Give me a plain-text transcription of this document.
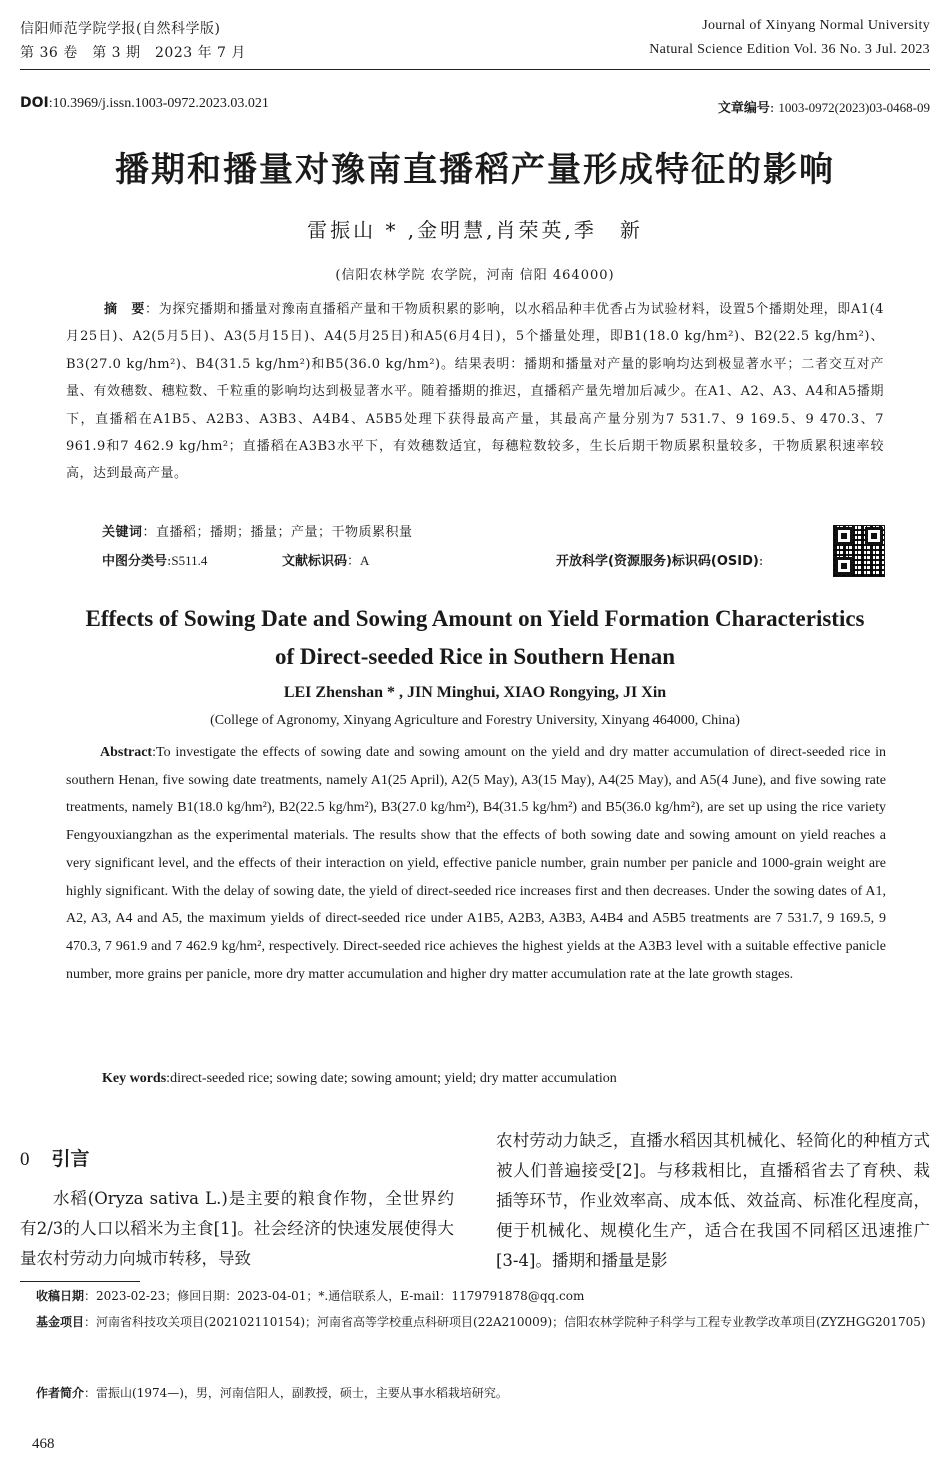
信阳师范学院学报(自然科学版)
第 36 卷　第 3 期　2023 年 7 月
Journal of Xinyang Normal University
Natural Science Edition Vol. 36 No. 3 Jul. 2023
DOI:10.3969/j.issn.1003-0972.2023.03.021	文章编号: 1003-0972(2023)03-0468-09
播期和播量对豫南直播稻产量形成特征的影响
雷振山 * ,金明慧,肖荣英,季　新
(信阳农林学院 农学院，河南 信阳 464000)
摘　要：为探究播期和播量对豫南直播稻产量和干物质积累的影响，以水稻品种丰优香占为试验材料，设置5个播期处理，即A1(4月25日)、A2(5月5日)、A3(5月15日)、A4(5月25日)和A5(6月4日)，5个播量处理，即B1(18.0 kg/hm²)、B2(22.5 kg/hm²)、B3(27.0 kg/hm²)、B4(31.5 kg/hm²)和B5(36.0 kg/hm²)。结果表明：播期和播量对产量的影响均达到极显著水平；二者交互对产量、有效穗数、穗粒数、千粒重的影响均达到极显著水平。随着播期的推迟，直播稻产量先增加后减少。在A1、A2、A3、A4和A5播期下，直播稻在A1B5、A2B3、A3B3、A4B4、A5B5处理下获得最高产量，其最高产量分别为7 531.7、9 169.5、9 470.3、7 961.9和7 462.9 kg/hm²；直播稻在A3B3水平下，有效穗数适宜，每穗粒数较多，生长后期干物质累积量较多，干物质累积速率较高，达到最高产量。
关键词：直播稻；播期；播量；产量；干物质累积量
中图分类号:S511.4	文献标识码：A	开放科学(资源服务)标识码(OSID):
Effects of Sowing Date and Sowing Amount on Yield Formation Characteristics
of Direct-seeded Rice in Southern Henan
LEI Zhenshan * , JIN Minghui, XIAO Rongying, JI Xin
(College of Agronomy, Xinyang Agriculture and Forestry University, Xinyang 464000, China)
Abstract:To investigate the effects of sowing date and sowing amount on the yield and dry matter accumulation of direct-seeded rice in southern Henan, five sowing date treatments, namely A1(25 April), A2(5 May), A3(15 May), A4(25 May), and A5(4 June), and five sowing rate treatments, namely B1(18.0 kg/hm²), B2(22.5 kg/hm²), B3(27.0 kg/hm²), B4(31.5 kg/hm²) and B5(36.0 kg/hm²), are set up using the rice variety Fengyouxiangzhan as the experimental materials. The results show that the effects of both sowing date and sowing amount on yield reaches a very significant level, and the effects of their interaction on yield, effective panicle number, grain number per panicle and 1000-grain weight are highly significant. With the delay of sowing date, the yield of direct-seeded rice increases first and then decreases. Under the sowing dates of A1, A2, A3, A4 and A5, the maximum yields of direct-seeded rice under A1B5, A2B3, A3B3, A4B4 and A5B5 treatments are 7 531.7, 9 169.5, 9 470.3, 7 961.9 and 7 462.9 kg/hm², respectively. Direct-seeded rice achieves the highest yields at the A3B3 level with a suitable effective panicle number, more grains per panicle, more dry matter accumulation and higher dry matter accumulation rate at the late growth stages.
Key words:direct-seeded rice; sowing date; sowing amount; yield; dry matter accumulation
0 引言
水稻(Oryza sativa L.)是主要的粮食作物，全世界约有2/3的人口以稻米为主食[1]。社会经济的快速发展使得大量农村劳动力向城市转移，导致
农村劳动力缺乏，直播水稻因其机械化、轻简化的种植方式被人们普遍接受[2]。与移栽相比，直播稻省去了育秧、栽插等环节，作业效率高、成本低、效益高、标准化程度高，便于机械化、规模化生产，适合在我国不同稻区迅速推广[3-4]。播期和播量是影
收稿日期：2023-02-23；修回日期：2023-04-01；*.通信联系人，E-mail：1179791878@qq.com
基金项目：河南省科技攻关项目(202102110154)；河南省高等学校重点科研项目(22A210009)；信阳农林学院种子科学与工程专业教学改革项目(ZYZHGG201705)
作者简介：雷振山(1974—)，男，河南信阳人，副教授，硕士，主要从事水稻栽培研究。
468
